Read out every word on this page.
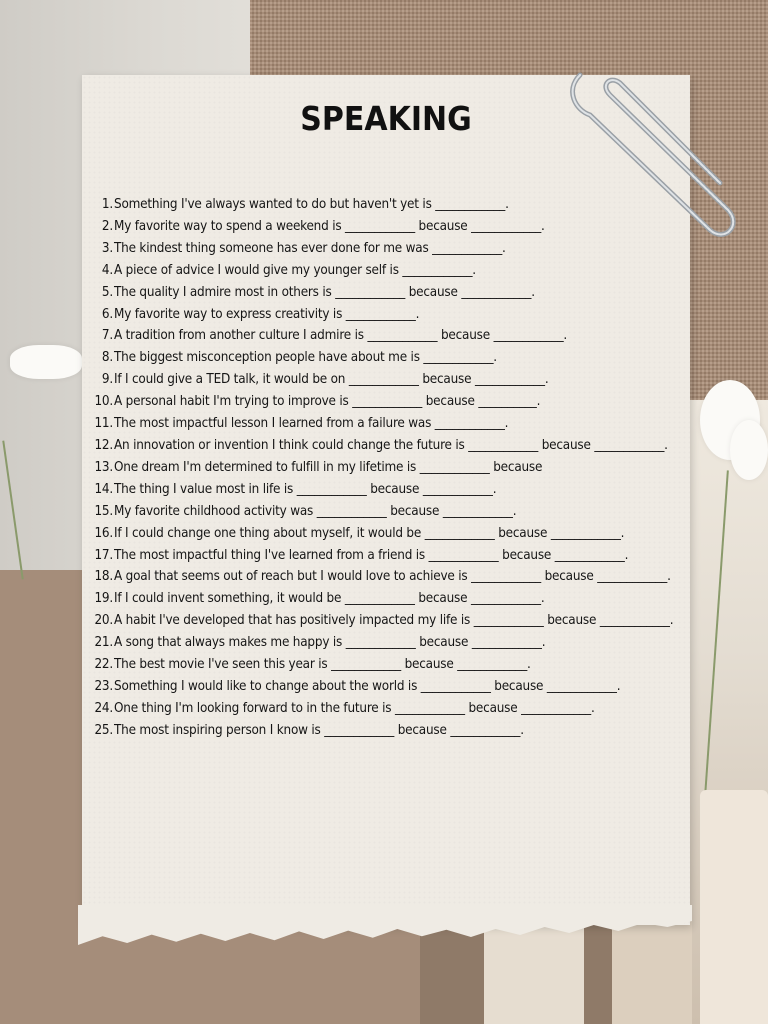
SPEAKING
1. Something I've always wanted to do but haven't yet is ____________.
2. My favorite way to spend a weekend is ____________ because ____________.
3. The kindest thing someone has ever done for me was ____________.
4. A piece of advice I would give my younger self is ____________.
5. The quality I admire most in others is ____________ because ____________.
6. My favorite way to express creativity is ____________.
7. A tradition from another culture I admire is ____________ because ____________.
8. The biggest misconception people have about me is ____________.
9. If I could give a TED talk, it would be on ____________ because ____________.
10. A personal habit I'm trying to improve is ____________ because __________.
11. The most impactful lesson I learned from a failure was ____________.
12. An innovation or invention I think could change the future is ____________ because ____________.
13. One dream I'm determined to fulfill in my lifetime is ____________ because
14. The thing I value most in life is ____________ because ____________.
15. My favorite childhood activity was ____________ because ____________.
16. If I could change one thing about myself, it would be ____________ because ____________.
17. The most impactful thing I've learned from a friend is ____________ because ____________.
18. A goal that seems out of reach but I would love to achieve is ____________ because ____________.
19. If I could invent something, it would be ____________ because ____________.
20. A habit I've developed that has positively impacted my life is ____________ because ____________.
21. A song that always makes me happy is ____________ because ____________.
22. The best movie I've seen this year is ____________ because ____________.
23. Something I would like to change about the world is ____________ because ____________.
24. One thing I'm looking forward to in the future is ____________ because ____________.
25. The most inspiring person I know is ____________ because ____________.
